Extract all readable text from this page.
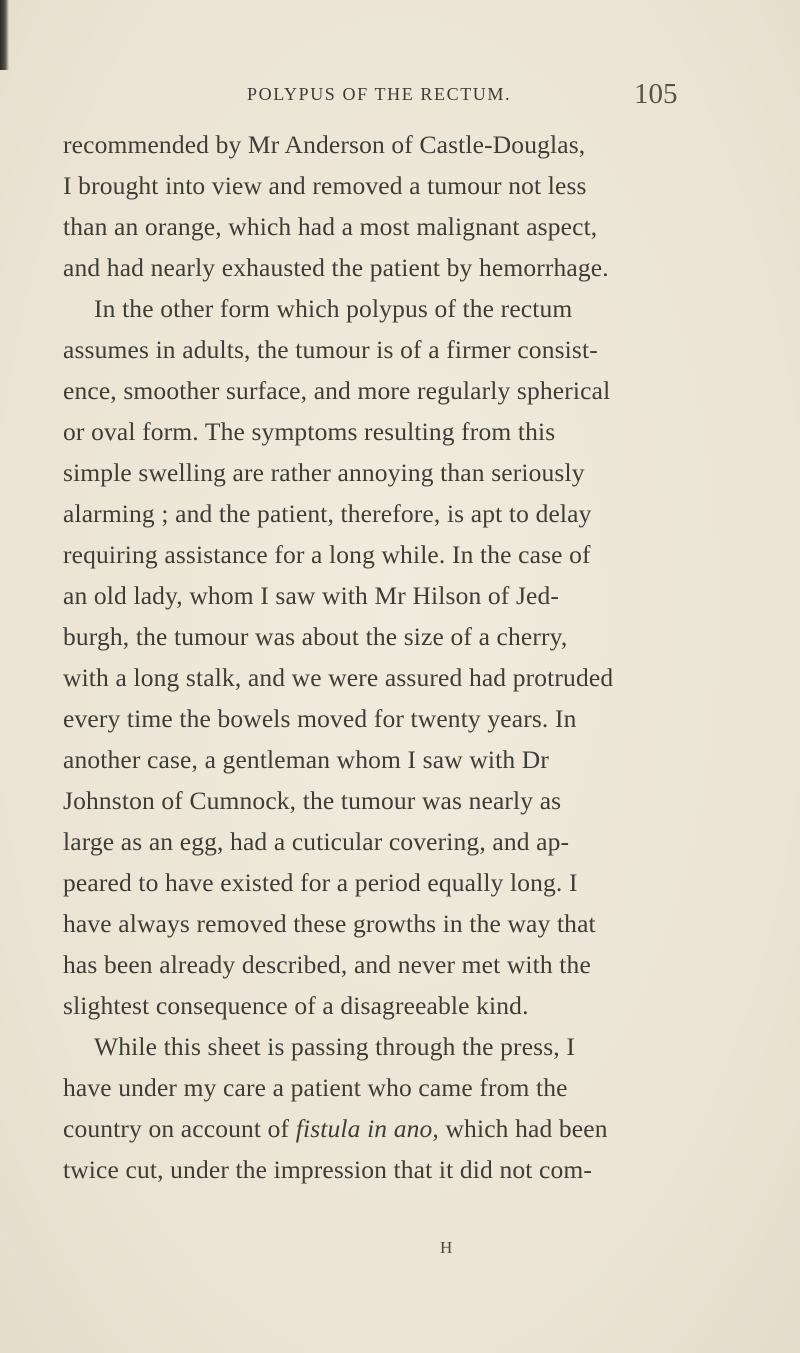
POLYPUS OF THE RECTUM.	105
recommended by Mr Anderson of Castle-Douglas,
I brought into view and removed a tumour not less
than an orange, which had a most malignant aspect,
and had nearly exhausted the patient by hemorrhage.
In the other form which polypus of the rectum
assumes in adults, the tumour is of a firmer consist-
ence, smoother surface, and more regularly spherical
or oval form. The symptoms resulting from this
simple swelling are rather annoying than seriously
alarming ; and the patient, therefore, is apt to delay
requiring assistance for a long while. In the case of
an old lady, whom I saw with Mr Hilson of Jed-
burgh, the tumour was about the size of a cherry,
with a long stalk, and we were assured had protruded
every time the bowels moved for twenty years. In
another case, a gentleman whom I saw with Dr
Johnston of Cumnock, the tumour was nearly as
large as an egg, had a cuticular covering, and ap-
peared to have existed for a period equally long. I
have always removed these growths in the way that
has been already described, and never met with the
slightest consequence of a disagreeable kind.
While this sheet is passing through the press, I
have under my care a patient who came from the
country on account of fistula in ano, which had been
twice cut, under the impression that it did not com-
H
